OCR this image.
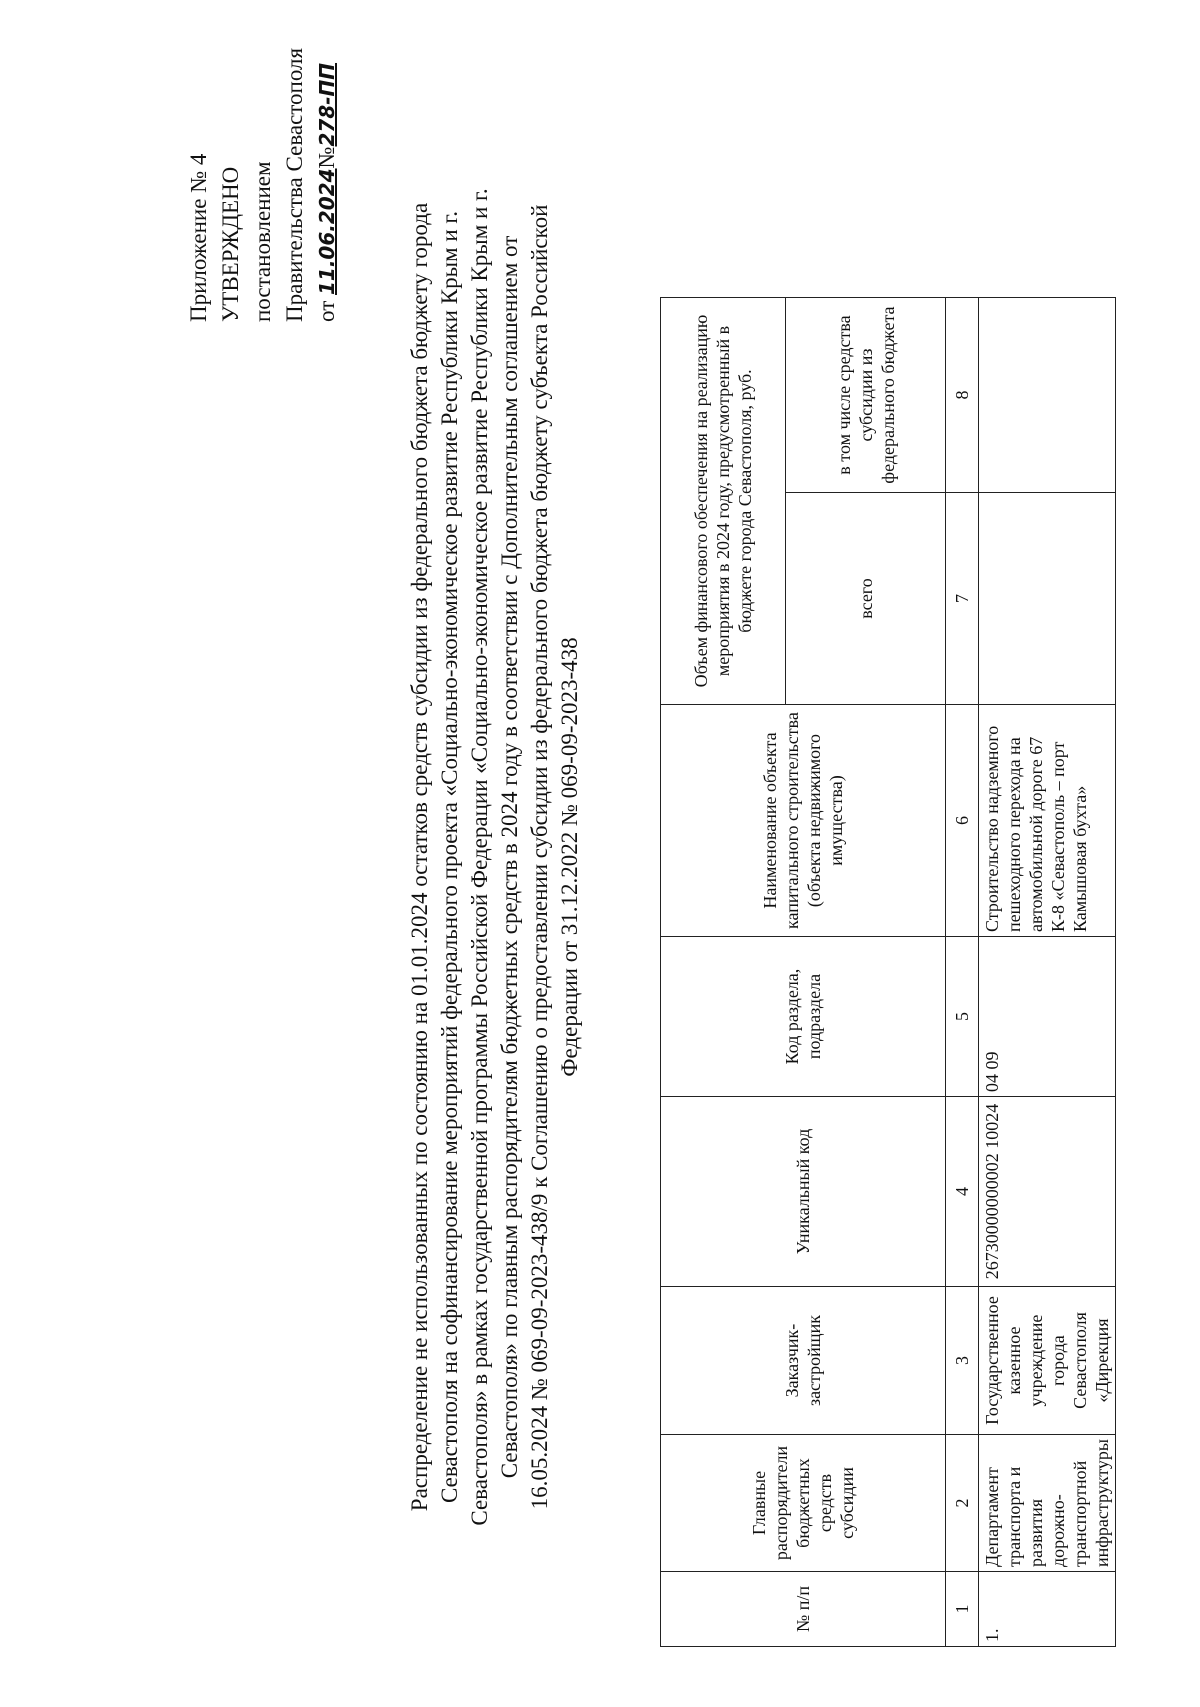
Приложение № 4 УТВЕРЖДЕНО постановлением Правительства Севастополя от 11.06.2024№278-ПП
Распределение не использованных по состоянию на 01.01.2024 остатков средств субсидии из федерального бюджета бюджету города Севастополя на софинансирование мероприятий федерального проекта «Социально-экономическое развитие Республики Крым и г. Севастополя» в рамках государственной программы Российской Федерации «Социально-экономическое развитие Республики Крым и г. Севастополя» по главным распорядителям бюджетных средств в 2024 году в соответствии с Дополнительным соглашением от 16.05.2024 № 069-09-2023-438/9 к Соглашению о предоставлении субсидии из федерального бюджета бюджету субъекта Российской Федерации от 31.12.2022 № 069-09-2023-438
№ п/п	Главные распорядители бюджетных средств субсидии	Заказчик-застройщик	Уникальный код	Код раздела, подраздела	Наименование объекта капитального строительства (объекта недвижимого имущества)	Объем финансового обеспечения на реализацию мероприятия в 2024 году, предусмотренный в бюджете города Севастополя, руб.	
						всего	в том числе средства субсидии из федерального бюджета
1	2	3	4	5	6	7	8
1.	Департамент транспорта и развития дорожно-транспортной инфраструктуры	Государственное казенное учреждение города Севастополя «Дирекция	26730000000002 10024	04 09	Строительство надземного пешеходного перехода на автомобильной дороге 67 К-8 «Севастополь – порт Камышовая бухта»		
